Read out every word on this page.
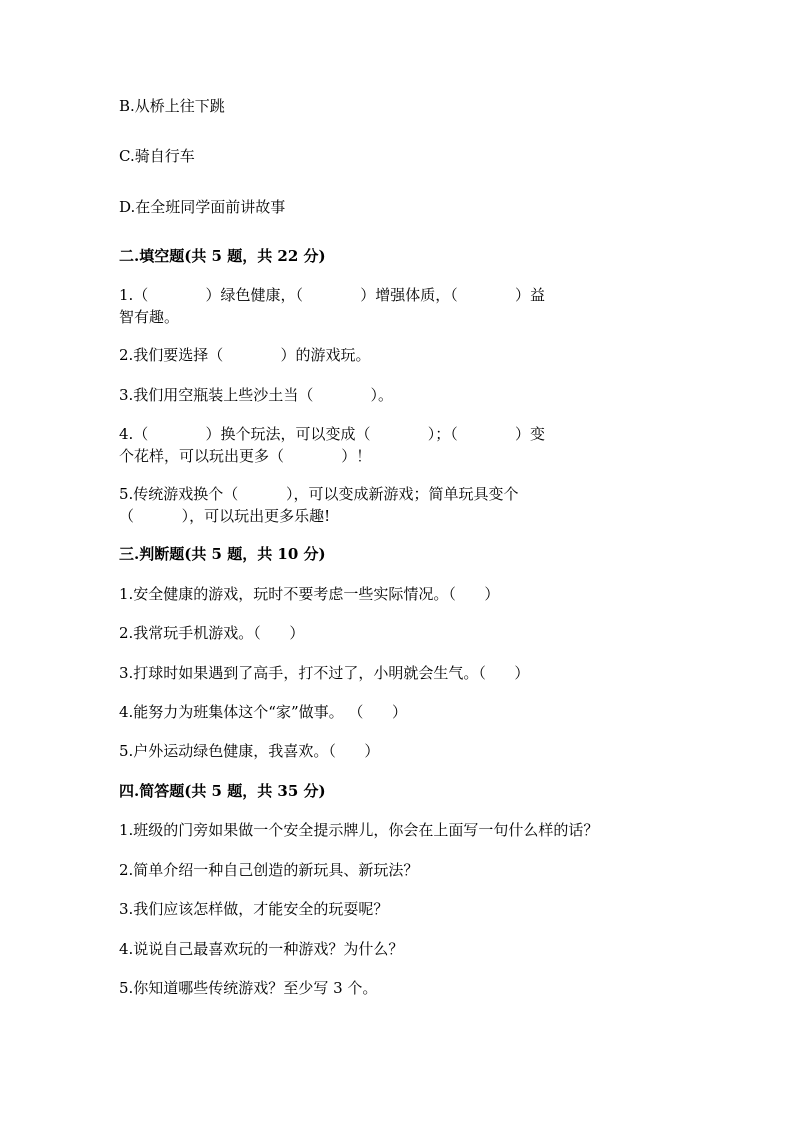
B.从桥上往下跳
C.骑自行车
D.在全班同学面前讲故事
二.填空题(共 5 题，共 22 分)
1.（            ）绿色健康，（            ）增强体质，（            ）益
智有趣。
2.我们要选择（            ）的游戏玩。
3.我们用空瓶装上些沙土当（            ）。
4.（            ）换个玩法，可以变成（            ）；（            ）变
个花样，可以玩出更多（            ）！
5.传统游戏换个（          ），可以变成新游戏；简单玩具变个
（          ），可以玩出更多乐趣!
三.判断题(共 5 题，共 10 分)
1.安全健康的游戏，玩时不要考虑一些实际情况。（      ）
2.我常玩手机游戏。（      ）
3.打球时如果遇到了高手，打不过了，小明就会生气。（      ）
4.能努力为班集体这个“家”做事。 （      ）
5.户外运动绿色健康，我喜欢。（      ）
四.简答题(共 5 题，共 35 分)
1.班级的门旁如果做一个安全提示牌儿，你会在上面写一句什么样的话？
2.简单介绍一种自己创造的新玩具、新玩法？
3.我们应该怎样做，才能安全的玩耍呢？
4.说说自己最喜欢玩的一种游戏？为什么？
5.你知道哪些传统游戏？至少写 3 个。
